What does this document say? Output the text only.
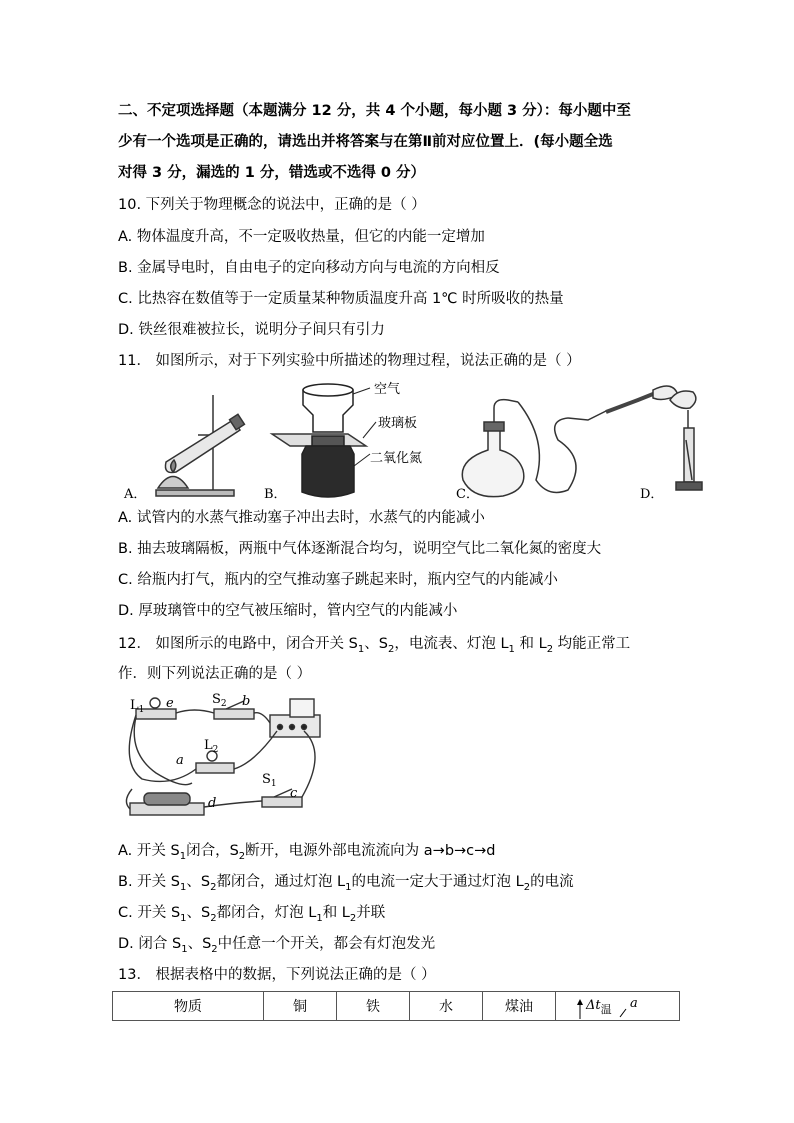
二、不定项选择题（本题满分 12 分，共 4 个小题，每小题 3 分）：每小题中至
少有一个选项是正确的，请选出并将答案与在第Ⅱ前对应位置上．(每小题全选
对得 3 分，漏选的 1 分，错选或不选得 0 分）
10. 下列关于物理概念的说法中，正确的是（ ）
A. 物体温度升高，不一定吸收热量，但它的内能一定增加
B. 金属导电时，自由电子的定向移动方向与电流的方向相反
C. 比热容在数值等于一定质量某种物质温度升高 1℃ 时所吸收的热量
D. 铁丝很难被拉长，说明分子间只有引力
11． 如图所示，对于下列实验中所描述的物理过程，说法正确的是（ ）
空气
玻璃板
二氧化氮
A．	B．	C．	D．
A. 试管内的水蒸气推动塞子冲出去时，水蒸气的内能减小
B. 抽去玻璃隔板，两瓶中气体逐渐混合均匀，说明空气比二氧化氮的密度大
C. 给瓶内打气，瓶内的空气推动塞子跳起来时，瓶内空气的内能减小
D. 厚玻璃管中的空气被压缩时，管内空气的内能减小
12． 如图所示的电路中，闭合开关 $S_1$、$S_2$，电流表、灯泡 $L_1$ 和 $L_2$ 均能正常工
作．则下列说法正确的是（ ）
$L_1$ e	$S_2$ b
a
$L_2$
$S_1$
c
d
A. 开关 $S_1$闭合，$S_2$断开，电源外部电流流向为 a→b→c→d
B. 开关 $S_1$、$S_2$都闭合，通过灯泡 $L_1$的电流一定大于通过灯泡 $L_2$的电流
C. 开关 $S_1$、$S_2$都闭合，灯泡 $L_1$和 $L_2$并联
D. 闭合 $S_1$、$S_2$中任意一个开关，都会有灯泡发光
13． 根据表格中的数据，下列说法正确的是（ ）
物质	铜	铁	水	煤油	$\Delta t_温$ a
